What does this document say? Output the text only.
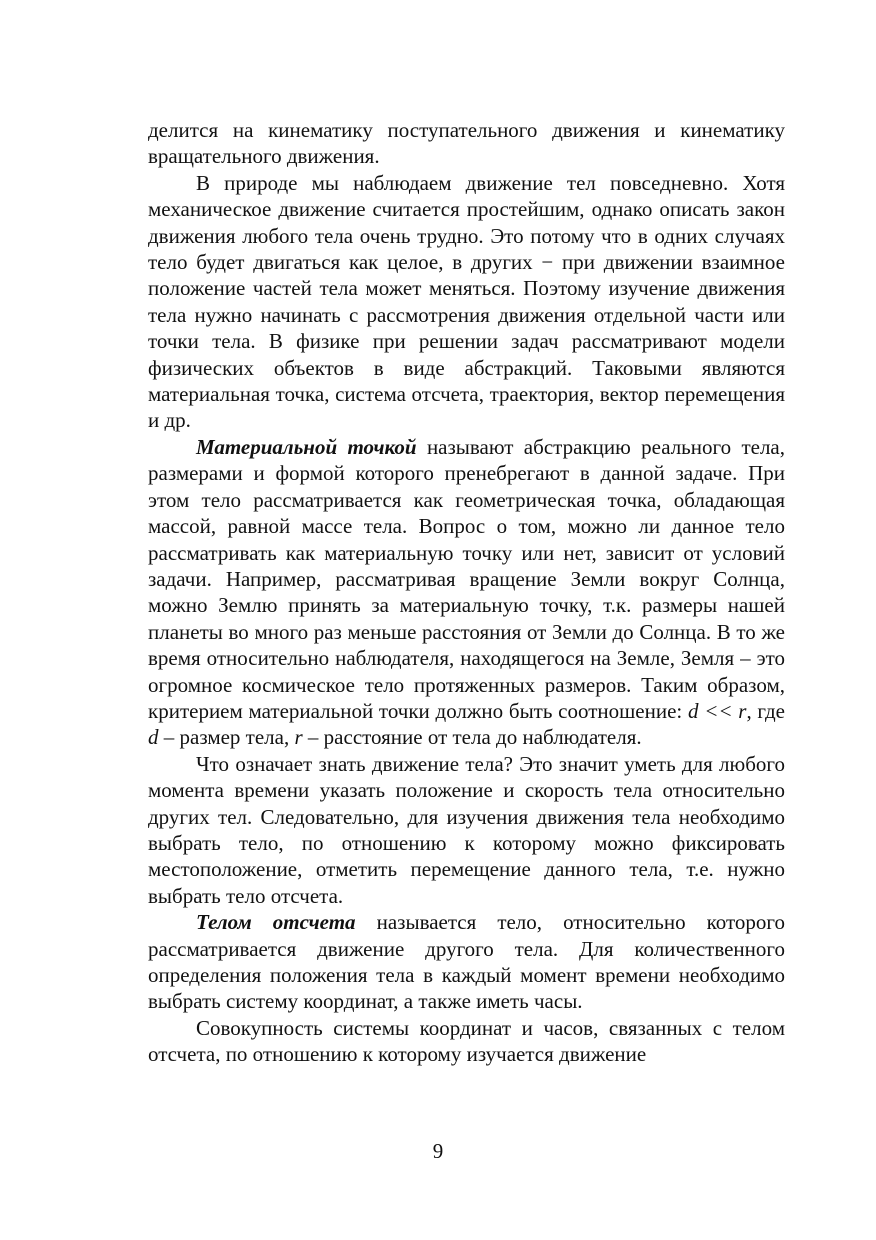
делится на кинематику поступательного движения и кинематику вращательного движения.

В природе мы наблюдаем движение тел повседневно. Хотя механическое движение считается простейшим, однако описать закон движения любого тела очень трудно. Это потому что в одних случаях тело будет двигаться как целое, в других − при движении взаимное положение частей тела может меняться. Поэтому изучение движения тела нужно начинать с рассмотрения движения отдельной части или точки тела. В физике при решении задач рассматривают модели физических объектов в виде абстракций. Таковыми являются материальная точка, система отсчета, траектория, вектор перемещения и др.

Материальной точкой называют абстракцию реального тела, размерами и формой которого пренебрегают в данной задаче. При этом тело рассматривается как геометрическая точка, обладающая массой, равной массе тела. Вопрос о том, можно ли данное тело рассматривать как материальную точку или нет, зависит от условий задачи. Например, рассматривая вращение Земли вокруг Солнца, можно Землю принять за материальную точку, т.к. размеры нашей планеты во много раз меньше расстояния от Земли до Солнца. В то же время относительно наблюдателя, находящегося на Земле, Земля – это огромное космическое тело протяженных размеров. Таким образом, критерием материальной точки должно быть соотношение: d << r, где d – размер тела, r – расстояние от тела до наблюдателя.

Что означает знать движение тела? Это значит уметь для любого момента времени указать положение и скорость тела относительно других тел. Следовательно, для изучения движения тела необходимо выбрать тело, по отношению к которому можно фиксировать местоположение, отметить перемещение данного тела, т.е. нужно выбрать тело отсчета.

Телом отсчета называется тело, относительно которого рассматривается движение другого тела. Для количественного определения положения тела в каждый момент времени необходимо выбрать систему координат, а также иметь часы.

Совокупность системы координат и часов, связанных с телом отсчета, по отношению к которому изучается движение

9
